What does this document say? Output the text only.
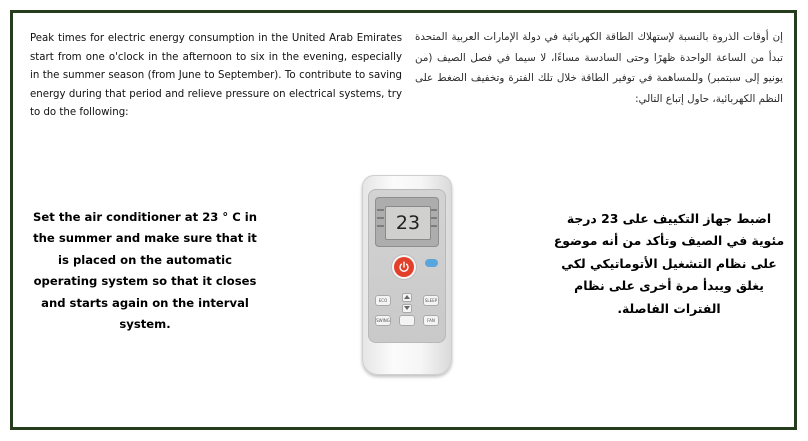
Peak times for electric energy consumption in the United Arab Emirates start from one o'clock in the afternoon to six in the evening, especially in the summer season (from June to September). To contribute to saving energy during that period and relieve pressure on electrical systems, try to do the following:
إن أوقات الذروة بالنسبة لإستهلاك الطاقة الكهربائية في دولة الإمارات العربية المتحدة تبدأ من الساعة الواحدة ظهرًا وحتى السادسة مساءًا، لا سيما في فصل الصيف (من يونيو إلى سبتمبر) وللمساهمة في توفير الطاقة خلال تلك الفترة وتخفيف الضغط على النظم الكهربائية، حاول إتباع التالي:
Set the air conditioner at 23 ° C in the summer and make sure that it is placed on the automatic operating system so that it closes and starts again on the interval system.
اضبط جهاز التكييف على 23 درجة مئوية في الصيف وتأكد من أنه موضوع على نظام التشغيل الأتوماتيكي لكي يغلق ويبدأ مرة أخرى على نظام الفترات الفاصلة.
23
ECO	SLEEP
SWING	FAN
